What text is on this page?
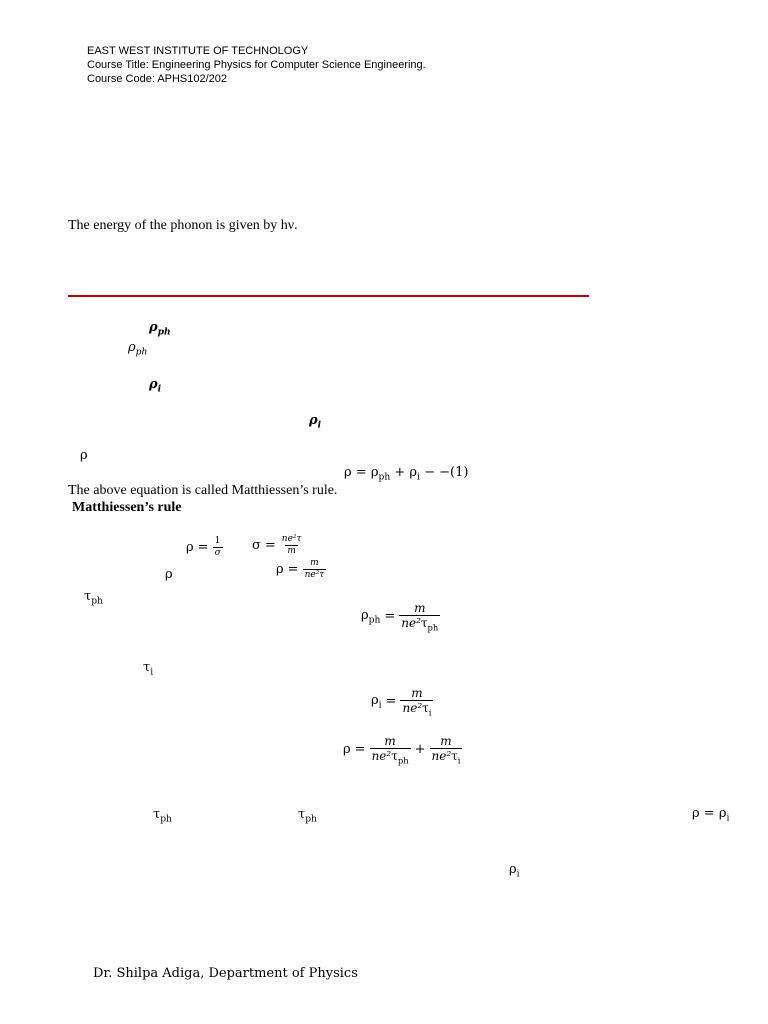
EAST WEST INSTITUTE OF TECHNOLOGY
Course Title: Engineering Physics for Computer Science Engineering.
Course Code: APHS102/202
The energy of the phonon is given by hν.
$\rho_{ph}$
$\rho_{ph}$
$\rho_i$
$\rho_i$
ρ
$\rho = \rho_{ph} + \rho_i - -(1)$
The above equation is called Matthiessen’s rule.
Matthiessen’s rule
$\rho = \frac{1}{\sigma}$ $\sigma = \frac{\text{ne²τ}}{m}$
ρ	$\rho = \frac{m}{\text{ne²τ}}$
$\tau_{ph}$
$\rho_{ph} = \frac{m}{ne^2\tau_{ph}}$
$\tau_i$
$\rho_i = \frac{m}{ne^2\tau_i}$
$\rho = \frac{m}{ne^2\tau_{ph}} + \frac{m}{ne^2\tau_i}$
$\tau_{ph}$	$\tau_{ph}$	$\rho = \rho_i$
$\rho_i$
Dr. Shilpa Adiga, Department of Physics
